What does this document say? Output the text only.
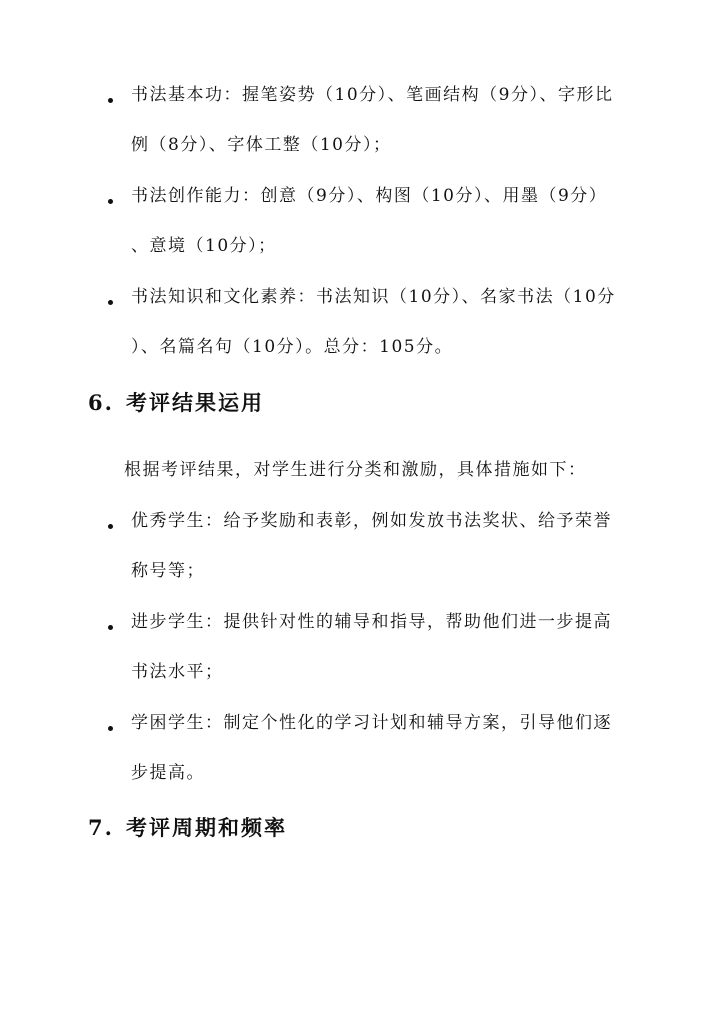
书法基本功：握笔姿势（10分）、笔画结构（9分）、字形比
例（8分）、字体工整（10分）；

书法创作能力：创意（9分）、构图（10分）、用墨（9分）
、意境（10分）；

书法知识和文化素养：书法知识（10分）、名家书法（10分
）、名篇名句（10分）。总分：105分。

6. 考评结果运用

根据考评结果，对学生进行分类和激励，具体措施如下：

优秀学生：给予奖励和表彰，例如发放书法奖状、给予荣誉
称号等；

进步学生：提供针对性的辅导和指导，帮助他们进一步提高
书法水平；

学困学生：制定个性化的学习计划和辅导方案，引导他们逐
步提高。

7. 考评周期和频率
